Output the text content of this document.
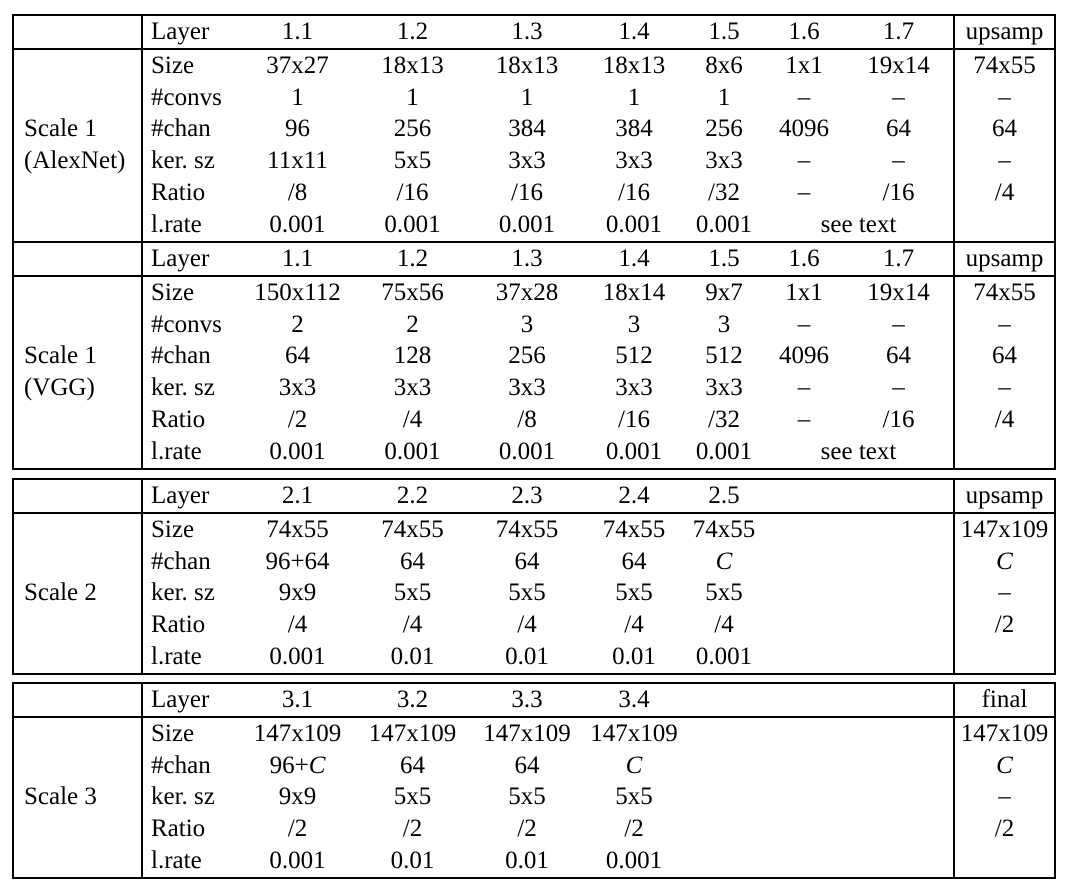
	Layer	1.1	1.2	1.3	1.4	1.5	1.6	1.7	upsamp

Scale 1
(AlexNet)	Size	37x27	18x13	18x13	18x13	8x6	1x1	19x14	74x55
	#convs	1	1	1	1	1	–	–	–
	#chan	96	256	384	384	256	4096	64	64
	ker. sz	11x11	5x5	3x3	3x3	3x3	–	–	–
	Ratio	/8	/16	/16	/16	/32	–	/16	/4
	l.rate	0.001	0.001	0.001	0.001	0.001	see text		
	Layer	1.1	1.2	1.3	1.4	1.5	1.6	1.7	upsamp

Scale 1
(VGG)	Size	150x112	75x56	37x28	18x14	9x7	1x1	19x14	74x55
	#convs	2	2	3	3	3	–	–	–
	#chan	64	128	256	512	512	4096	64	64
	ker. sz	3x3	3x3	3x3	3x3	3x3	–	–	–
	Ratio	/2	/4	/8	/16	/32	–	/16	/4
	l.rate	0.001	0.001	0.001	0.001	0.001	see text		
	Layer	2.1	2.2	2.3	2.4	2.5			upsamp

Scale 2	Size	74x55	74x55	74x55	74x55	74x55			147x109
	#chan	96+64	64	64	64	C			C
	ker. sz	9x9	5x5	5x5	5x5	5x5			–
	Ratio	/4	/4	/4	/4	/4			/2
	l.rate	0.001	0.01	0.01	0.01	0.001			
	Layer	3.1	3.2	3.3	3.4				final

Scale 3	Size	147x109	147x109	147x109	147x109				147x109
	#chan	96+C	64	64	C				C
	ker. sz	9x9	5x5	5x5	5x5				–
	Ratio	/2	/2	/2	/2				/2
	l.rate	0.001	0.01	0.01	0.001				
